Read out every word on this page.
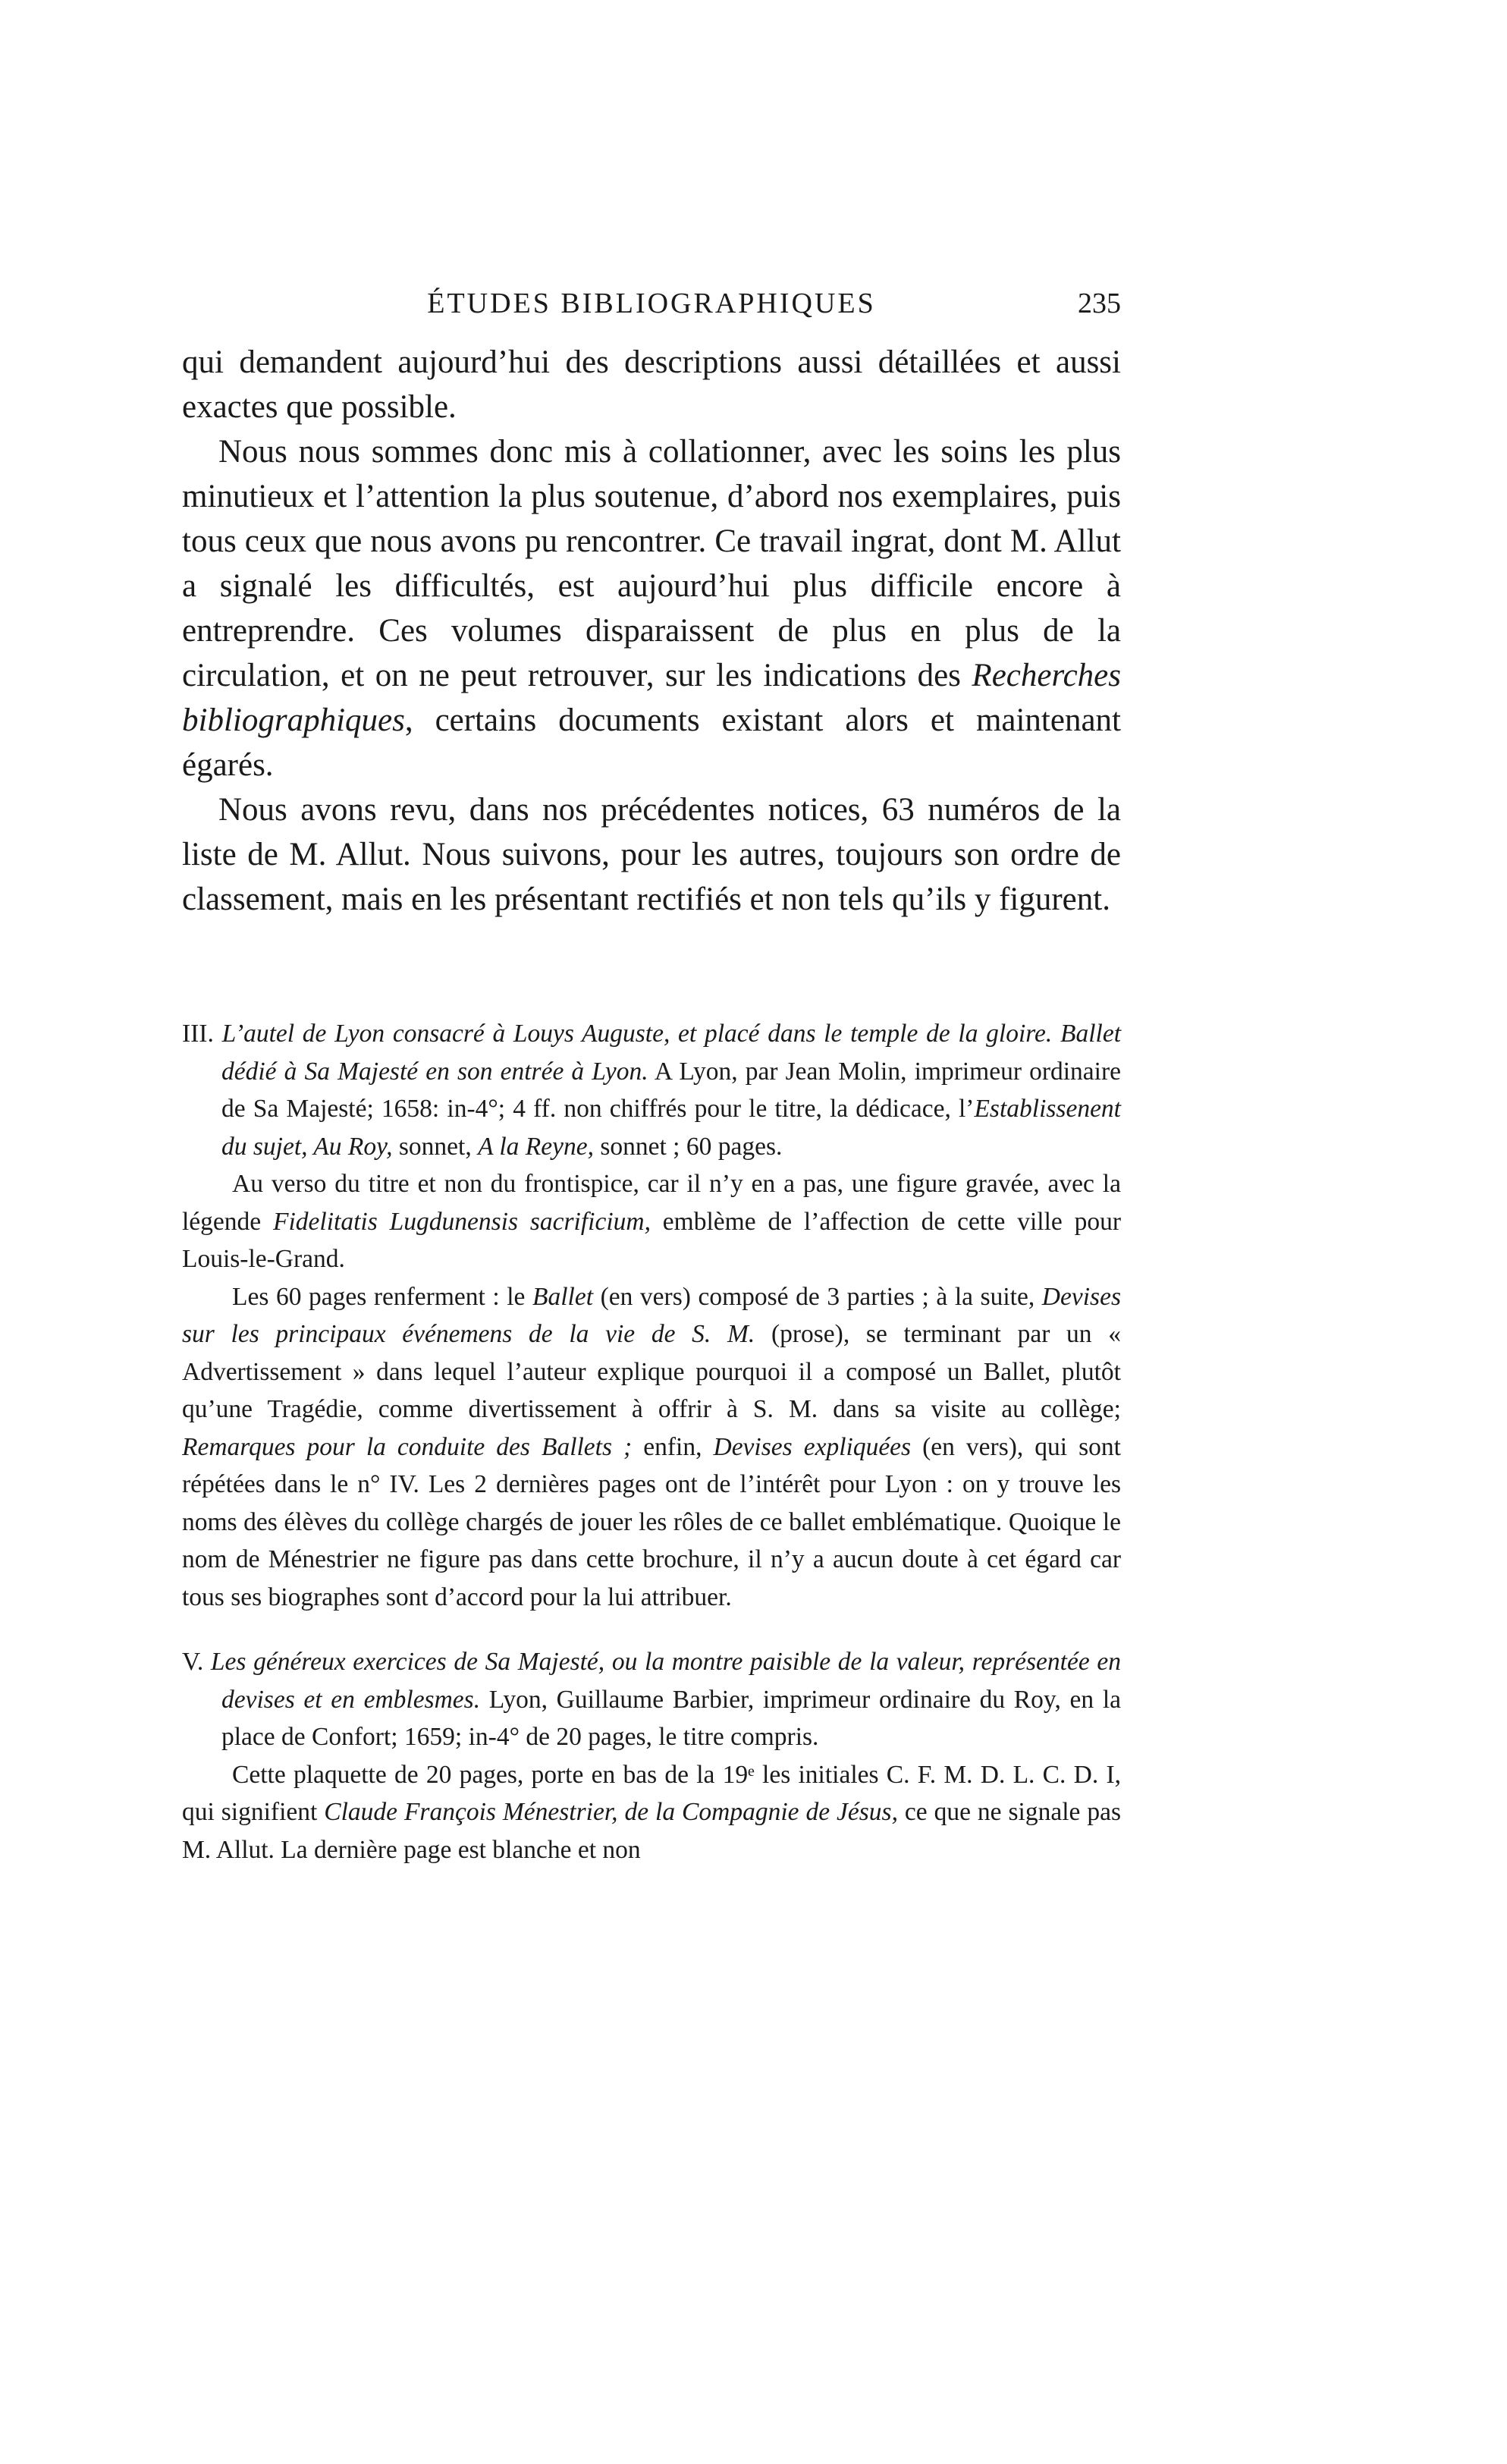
ÉTUDES BIBLIOGRAPHIQUES	235

qui demandent aujourd’hui des descriptions aussi détaillées et aussi exactes que possible.

Nous nous sommes donc mis à collationner, avec les soins les plus minutieux et l’attention la plus soutenue, d’abord nos exemplaires, puis tous ceux que nous avons pu rencontrer. Ce travail ingrat, dont M. Allut a signalé les difficultés, est aujourd’hui plus difficile encore à entreprendre. Ces volumes disparaissent de plus en plus de la circulation, et on ne peut retrouver, sur les indications des Recherches bibliographiques, certains documents existant alors et maintenant égarés.

Nous avons revu, dans nos précédentes notices, 63 numéros de la liste de M. Allut. Nous suivons, pour les autres, toujours son ordre de classement, mais en les présentant rectifiés et non tels qu’ils y figurent.

III. L’autel de Lyon consacré à Louys Auguste, et placé dans le temple de la gloire. Ballet dédié à Sa Majesté en son entrée à Lyon. A Lyon, par Jean Molin, imprimeur ordinaire de Sa Majesté; 1658: in-4°; 4 ff. non chiffrés pour le titre, la dédicace, l’Establissenent du sujet, Au Roy, sonnet, A la Reyne, sonnet ; 60 pages.

Au verso du titre et non du frontispice, car il n’y en a pas, une figure gravée, avec la légende Fidelitatis Lugdunensis sacrificium, emblème de l’affection de cette ville pour Louis-le-Grand.

Les 60 pages renferment : le Ballet (en vers) composé de 3 parties ; à la suite, Devises sur les principaux événemens de la vie de S. M. (prose), se terminant par un « Advertissement » dans lequel l’auteur explique pourquoi il a composé un Ballet, plutôt qu’une Tragédie, comme divertissement à offrir à S. M. dans sa visite au collège; Remarques pour la conduite des Ballets ; enfin, Devises expliquées (en vers), qui sont répétées dans le n° IV. Les 2 dernières pages ont de l’intérêt pour Lyon : on y trouve les noms des élèves du collège chargés de jouer les rôles de ce ballet emblématique. Quoique le nom de Ménestrier ne figure pas dans cette brochure, il n’y a aucun doute à cet égard car tous ses biographes sont d’accord pour la lui attribuer.

V. Les généreux exercices de Sa Majesté, ou la montre paisible de la valeur, représentée en devises et en emblesmes. Lyon, Guillaume Barbier, imprimeur ordinaire du Roy, en la place de Confort; 1659; in-4° de 20 pages, le titre compris.

Cette plaquette de 20 pages, porte en bas de la 19ᵉ les initiales C. F. M. D. L. C. D. I, qui signifient Claude François Ménestrier, de la Compagnie de Jésus, ce que ne signale pas M. Allut. La dernière page est blanche et non
